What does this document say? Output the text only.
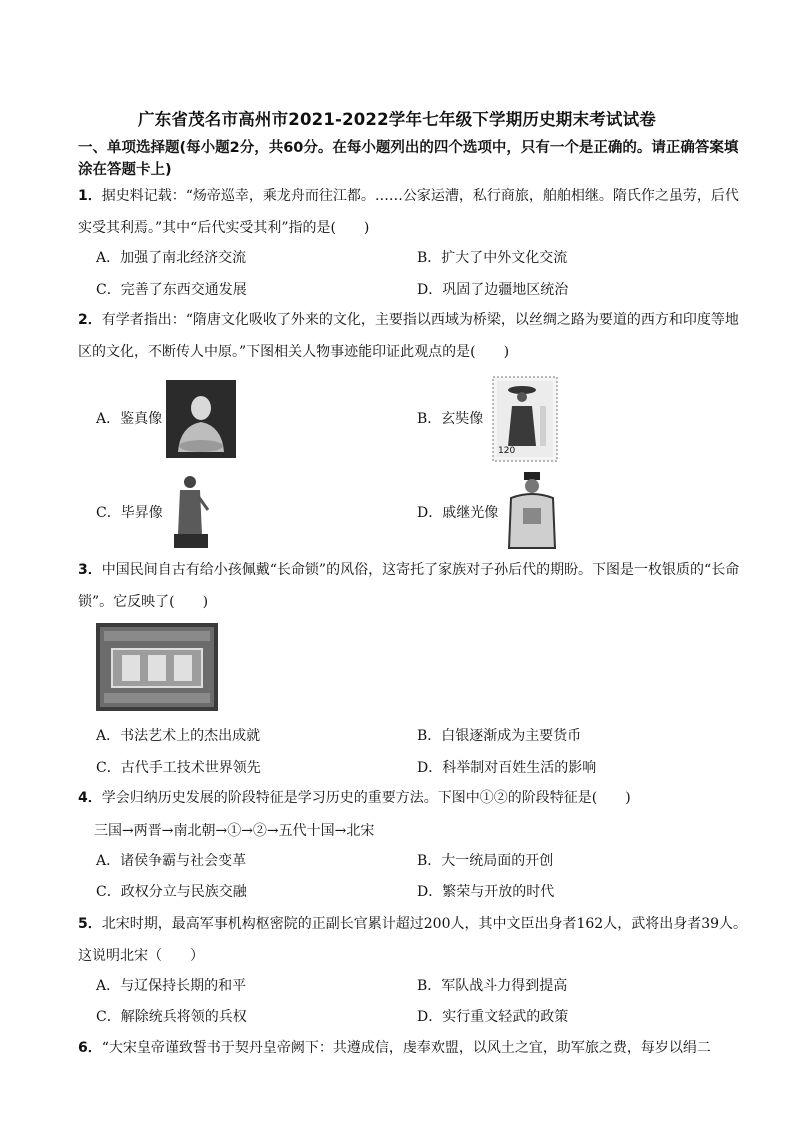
广东省茂名市高州市2021-2022学年七年级下学期历史期末考试试卷
一、单项选择题(每小题2分，共60分。在每小题列出的四个选项中，只有一个是正确的。请正确答案填涂在答题卡上)
1．据史料记载：“炀帝巡幸，乘龙舟而往江都。……公家运漕，私行商旅，舶舶相继。隋氏作之虽劳，后代实受其利焉。”其中“后代实受其利”指的是(　　)
A．加强了南北经济交流	B．扩大了中外文化交流
C．完善了东西交通发展	D．巩固了边疆地区统治
2．有学者指出：“隋唐文化吸收了外来的文化，主要指以西域为桥梁，以丝绸之路为要道的西方和印度等地区的文化，不断传人中原。”下图相关人物事迹能印证此观点的是(　　)
A．鉴真像	B．玄奘像
120
C．毕昇像	D．戚继光像
3．中国民间自古有给小孩佩戴“长命锁”的风俗，这寄托了家族对子孙后代的期盼。下图是一枚银质的“长命锁”。它反映了(　　)
A．书法艺术上的杰出成就	B．白银逐渐成为主要货币
C．古代手工技术世界领先	D．科举制对百姓生活的影响
4．学会归纳历史发展的阶段特征是学习历史的重要方法。下图中①②的阶段特征是(　　)
三国→两晋→南北朝→①→②→五代十国→北宋
A．诸侯争霸与社会变革	B．大一统局面的开创
C．政权分立与民族交融	D．繁荣与开放的时代
5．北宋时期，最高军事机构枢密院的正副长官累计超过200人，其中文臣出身者162人，武将出身者39人。这说明北宋（　　）
A．与辽保持长期的和平	B．军队战斗力得到提高
C．解除统兵将领的兵权	D．实行重文轻武的政策
6．“大宋皇帝谨致誓书于契丹皇帝阙下：共遵成信，虔奉欢盟，以风土之宜，助军旅之费，每岁以绢二
